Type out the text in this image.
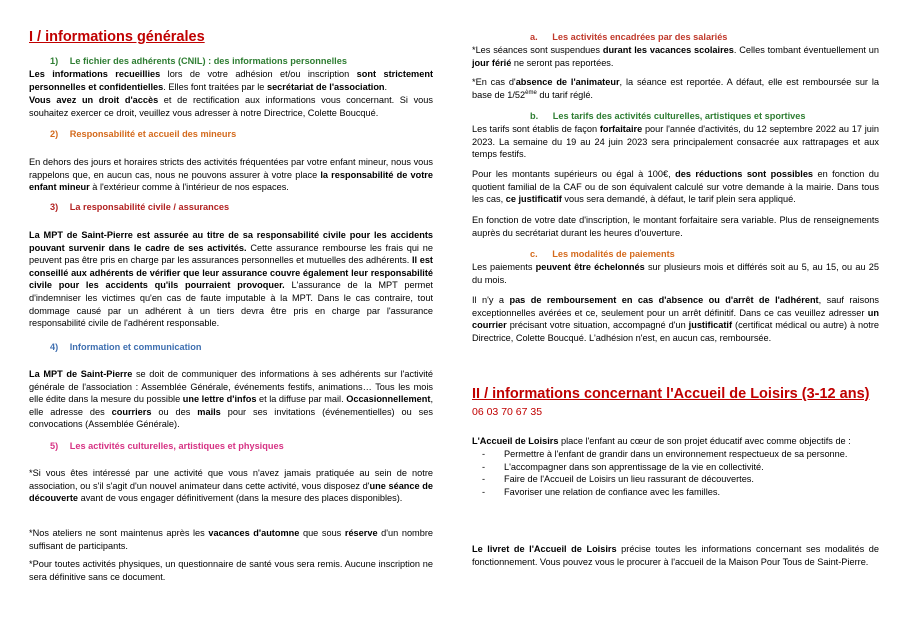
I / informations générales
1) Le fichier des adhérents (CNIL) : des informations personnelles
Les informations recueillies lors de votre adhésion et/ou inscription sont strictement personnelles et confidentielles. Elles font traitées par le secrétariat de l'association.
Vous avez un droit d'accès et de rectification aux informations vous concernant. Si vous souhaitez exercer ce droit, veuillez vous adresser à notre Directrice, Colette Boucqué.
2) Responsabilité et accueil des mineurs
En dehors des jours et horaires stricts des activités fréquentées par votre enfant mineur, nous vous rappelons que, en aucun cas, nous ne pouvons assurer à votre place la responsabilité de votre enfant mineur à l'extérieur comme à l'intérieur de nos espaces.
3) La responsabilité civile / assurances
La MPT de Saint-Pierre est assurée au titre de sa responsabilité civile pour les accidents pouvant survenir dans le cadre de ses activités. Cette assurance rembourse les frais qui ne peuvent pas être pris en charge par les assurances personnelles et mutuelles des adhérents. Il est conseillé aux adhérents de vérifier que leur assurance couvre également leur responsabilité civile pour les accidents qu'ils pourraient provoquer. L'assurance de la MPT permet d'indemniser les victimes qu'en cas de faute imputable à la MPT. Dans le cas contraire, tout dommage causé par un adhérent à un tiers devra être pris en charge par l'assurance responsabilité civile de l'adhérent responsable.
4) Information et communication
La MPT de Saint-Pierre se doit de communiquer des informations à ses adhérents sur l'activité générale de l'association : Assemblée Générale, événements festifs, animations… Tous les mois elle édite dans la mesure du possible une lettre d'infos et la diffuse par mail. Occasionnellement, elle adresse des courriers ou des mails pour ses invitations (événementielles) ou ses convocations (Assemblée Générale).
5) Les activités culturelles, artistiques et physiques
*Si vous êtes intéressé par une activité que vous n'avez jamais pratiquée au sein de notre association, ou s'il s'agit d'un nouvel animateur dans cette activité, vous disposez d'une séance de découverte avant de vous engager définitivement (dans la mesure des places disponibles).
*Nos ateliers ne sont maintenus après les vacances d'automne que sous réserve d'un nombre suffisant de participants.
*Pour toutes activités physiques, un questionnaire de santé vous sera remis. Aucune inscription ne sera définitive sans ce document.
a. Les activités encadrées par des salariés
*Les séances sont suspendues durant les vacances scolaires. Celles tombant éventuellement un jour férié ne seront pas reportées.
*En cas d'absence de l'animateur, la séance est reportée. A défaut, elle est remboursée sur la base de 1/52ème du tarif réglé.
b. Les tarifs des activités culturelles, artistiques et sportives
Les tarifs sont établis de façon forfaitaire pour l'année d'activités, du 12 septembre 2022 au 17 juin 2023. La semaine du 19 au 24 juin 2023 sera principalement consacrée aux rattrapages et aux temps festifs.
Pour les montants supérieurs ou égal à 100€, des réductions sont possibles en fonction du quotient familial de la CAF ou de son équivalent calculé sur votre demande à la mairie. Dans tous les cas, ce justificatif vous sera demandé, à défaut, le tarif plein sera appliqué.
En fonction de votre date d'inscription, le montant forfaitaire sera variable. Plus de renseignements auprès du secrétariat durant les heures d'ouverture.
c. Les modalités de paiements
Les paiements peuvent être échelonnés sur plusieurs mois et différés soit au 5, au 15, ou au 25 du mois.
Il n'y a pas de remboursement en cas d'absence ou d'arrêt de l'adhérent, sauf raisons exceptionnelles avérées et ce, seulement pour un arrêt définitif. Dans ce cas veuillez adresser un courrier précisant votre situation, accompagné d'un justificatif (certificat médical ou autre) à notre Directrice, Colette Boucqué. L'adhésion n'est, en aucun cas, remboursée.
II / informations concernant l'Accueil de Loisirs (3-12 ans)
06 03 70 67 35
L'Accueil de Loisirs place l'enfant au cœur de son projet éducatif avec comme objectifs de :
- Permettre à l'enfant de grandir dans un environnement respectueux de sa personne.
- L'accompagner dans son apprentissage de la vie en collectivité.
- Faire de l'Accueil de Loisirs un lieu rassurant de découvertes.
- Favoriser une relation de confiance avec les familles.
Le livret de l'Accueil de Loisirs précise toutes les informations concernant ses modalités de fonctionnement. Vous pouvez vous le procurer à l'accueil de la Maison Pour Tous de Saint-Pierre.
